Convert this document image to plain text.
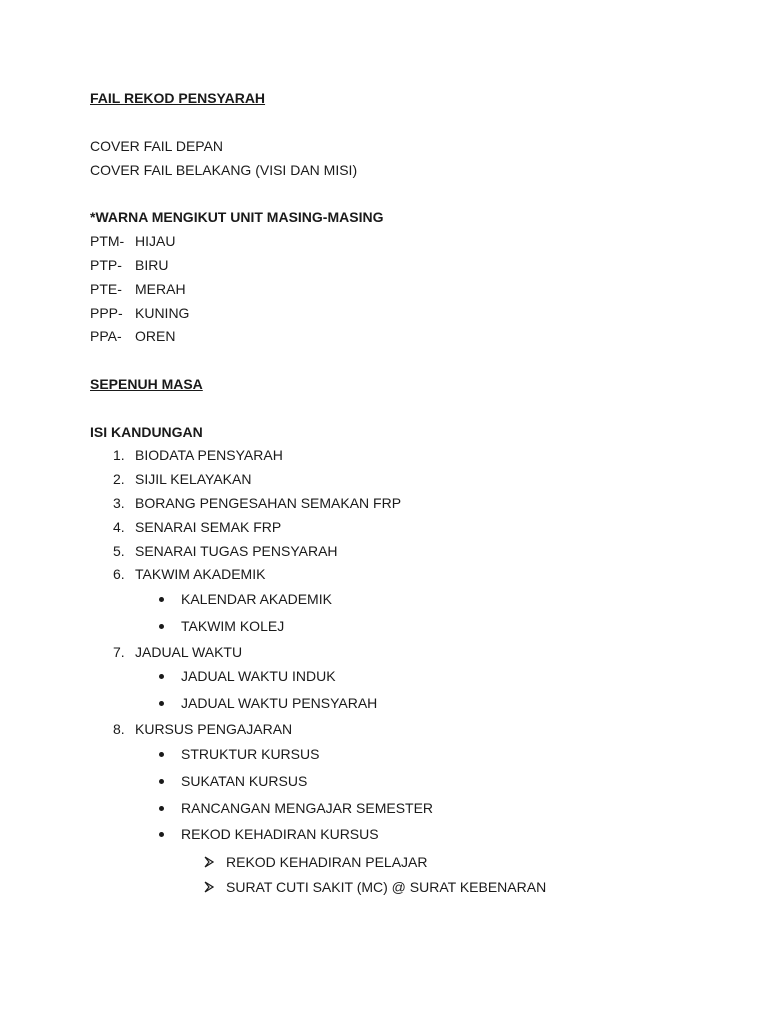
FAIL REKOD PENSYARAH
COVER FAIL DEPAN
COVER FAIL BELAKANG (VISI DAN MISI)
*WARNA MENGIKUT UNIT MASING-MASING
PTM- HIJAU
PTP- BIRU
PTE- MERAH
PPP- KUNING
PPA- OREN
SEPENUH MASA
ISI KANDUNGAN
1. BIODATA PENSYARAH
2. SIJIL KELAYAKAN
3. BORANG PENGESAHAN SEMAKAN FRP
4. SENARAI SEMAK FRP
5. SENARAI TUGAS PENSYARAH
6. TAKWIM AKADEMIK
KALENDAR AKADEMIK
TAKWIM KOLEJ
7. JADUAL WAKTU
JADUAL WAKTU INDUK
JADUAL WAKTU PENSYARAH
8. KURSUS PENGAJARAN
STRUKTUR KURSUS
SUKATAN KURSUS
RANCANGAN MENGAJAR SEMESTER
REKOD KEHADIRAN KURSUS
REKOD KEHADIRAN PELAJAR
SURAT CUTI SAKIT (MC) @ SURAT KEBENARAN
